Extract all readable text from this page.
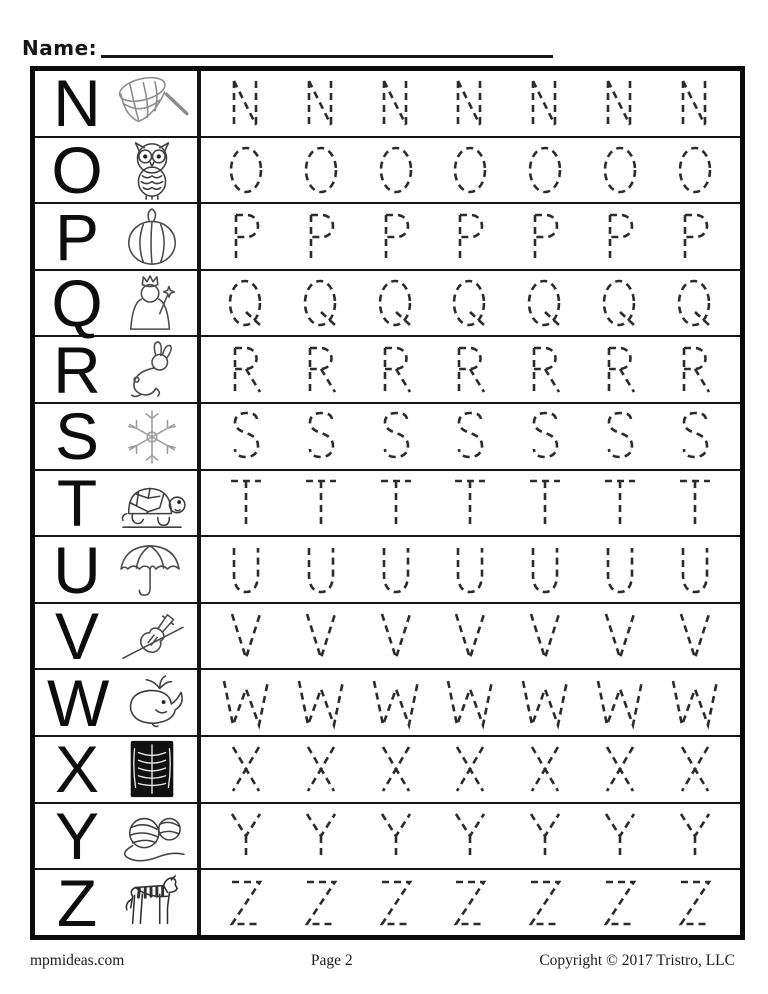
Name:
N
O
P
Q
R
S
T
U
V
W
X
Y
Z
mpmideas.com	Page 2	Copyright © 2017 Tristro, LLC
